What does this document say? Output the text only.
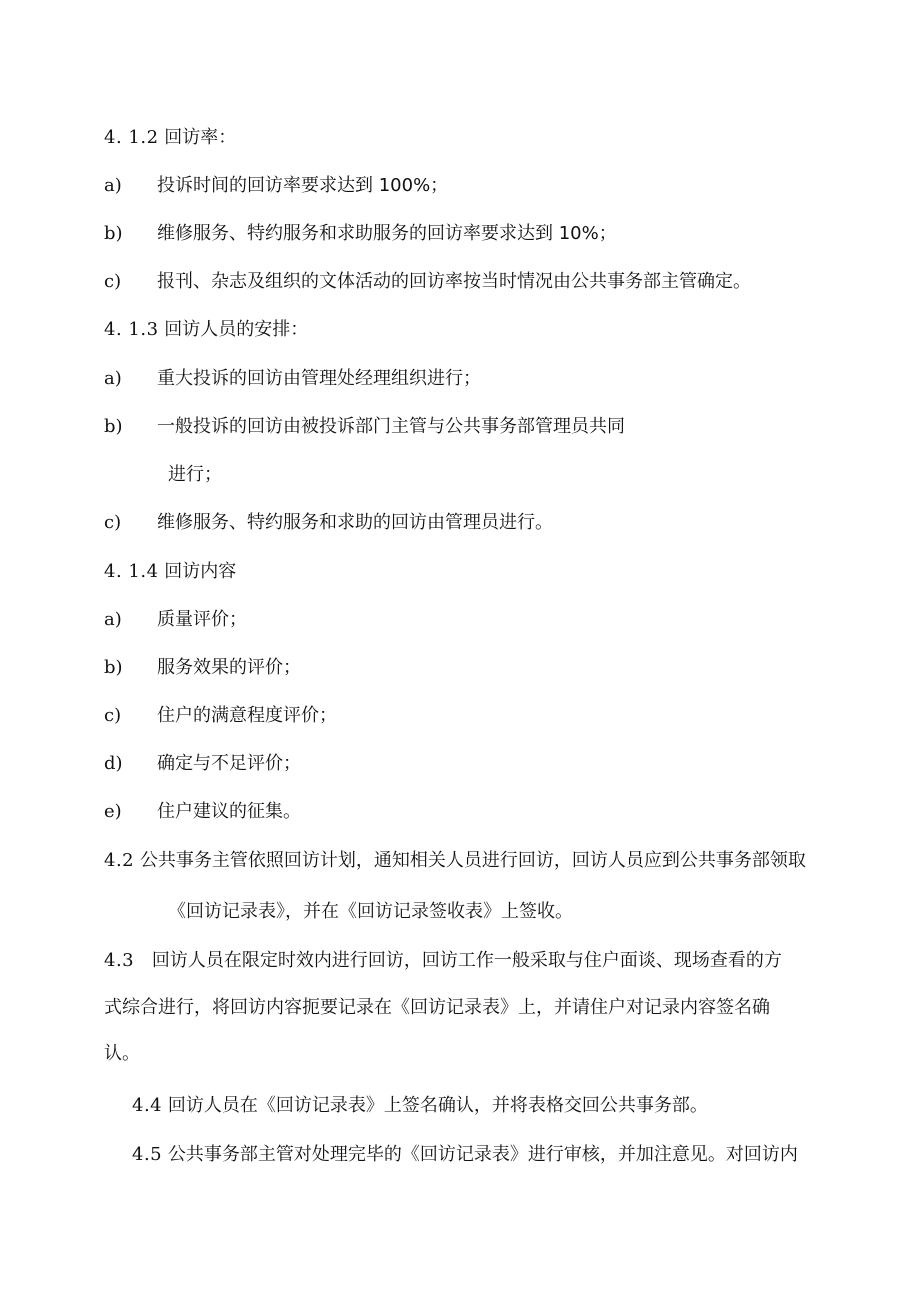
4. 1.2 回访率：
a) 投诉时间的回访率要求达到 100%；
b) 维修服务、特约服务和求助服务的回访率要求达到 10%；
c) 报刊、杂志及组织的文体活动的回访率按当时情况由公共事务部主管确定。
4. 1.3 回访人员的安排：
a) 重大投诉的回访由管理处经理组织进行；
b) 一般投诉的回访由被投诉部门主管与公共事务部管理员共同
进行；
c) 维修服务、特约服务和求助的回访由管理员进行。
4. 1.4 回访内容
a) 质量评价；
b) 服务效果的评价；
c) 住户的满意程度评价；
d) 确定与不足评价；
e) 住户建议的征集。
4.2 公共事务主管依照回访计划，通知相关人员进行回访，回访人员应到公共事务部领取
《回访记录表》，并在《回访记录签收表》上签收。
4.3 回访人员在限定时效内进行回访，回访工作一般采取与住户面谈、现场查看的方
式综合进行，将回访内容扼要记录在《回访记录表》上，并请住户对记录内容签名确
认。
4.4 回访人员在《回访记录表》上签名确认，并将表格交回公共事务部。
4.5 公共事务部主管对处理完毕的《回访记录表》进行审核，并加注意见。对回访内
